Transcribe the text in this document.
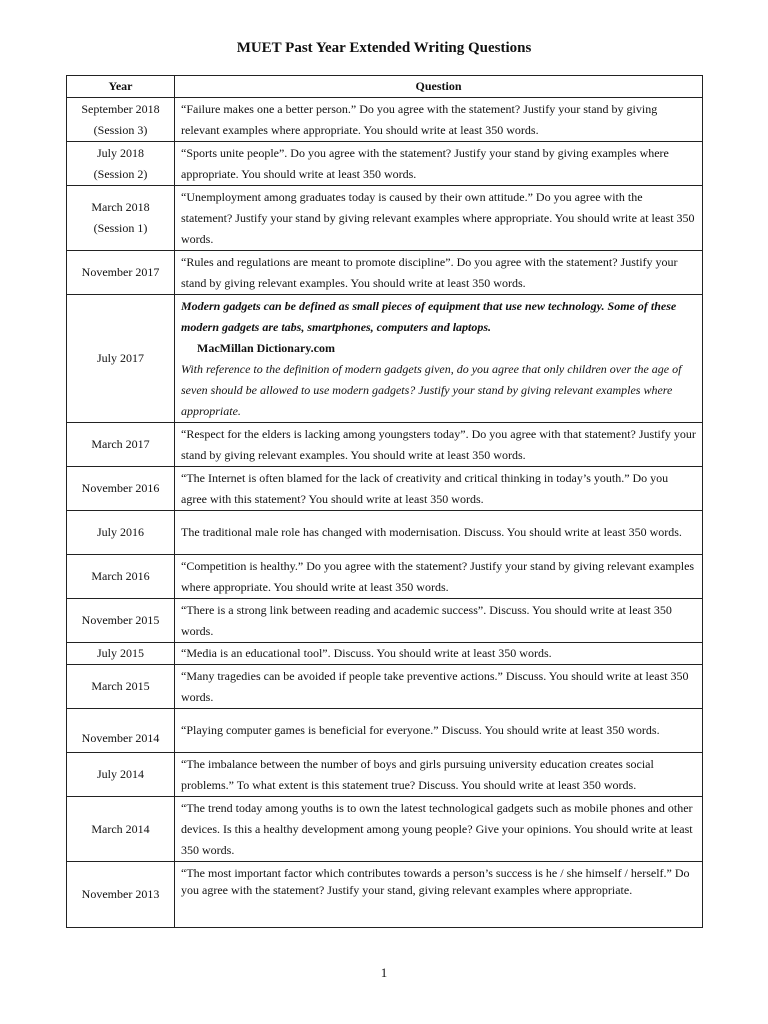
MUET Past Year Extended Writing Questions
Year	Question

September 2018
(Session 3)	“Failure makes one a better person.” Do you agree with the statement? Justify your stand by giving relevant examples where appropriate. You should write at least 350 words.

July 2018
(Session 2)	“Sports unite people”. Do you agree with the statement? Justify your stand by giving examples where appropriate. You should write at least 350 words.

March 2018
(Session 1)	“Unemployment among graduates today is caused by their own attitude.” Do you agree with the statement? Justify your stand by giving relevant examples where appropriate. You should write at least 350 words.
November 2017	“Rules and regulations are meant to promote discipline”. Do you agree with the statement? Justify your stand by giving relevant examples. You should write at least 350 words.
July 2017	Modern gadgets can be defined as small pieces of equipment that use new technology. Some of these modern gadgets are tabs, smartphones, computers and laptops.
MacMillan Dictionary.com
With reference to the definition of modern gadgets given, do you agree that only children over the age of seven should be allowed to use modern gadgets? Justify your stand by giving relevant examples where appropriate.

March 2017	“Respect for the elders is lacking among youngsters today”. Do you agree with that statement? Justify your stand by giving relevant examples. You should write at least 350 words.
November 2016	“The Internet is often blamed for the lack of creativity and critical thinking in today’s youth.” Do you agree with this statement? You should write at least 350 words.
July 2016	The traditional male role has changed with modernisation. Discuss. You should write at least 350 words.
March 2016	“Competition is healthy.” Do you agree with the statement? Justify your stand by giving relevant examples where appropriate. You should write at least 350 words.
November 2015	“There is a strong link between reading and academic success”. Discuss. You should write at least 350 words.
July 2015	“Media is an educational tool”. Discuss. You should write at least 350 words.
March 2015	“Many tragedies can be avoided if people take preventive actions.” Discuss. You should write at least 350 words.
November 2014	“Playing computer games is beneficial for everyone.” Discuss. You should write at least 350 words.
July 2014	“The imbalance between the number of boys and girls pursuing university education creates social problems.” To what extent is this statement true? Discuss. You should write at least 350 words.
March 2014	“The trend today among youths is to own the latest technological gadgets such as mobile phones and other devices. Is this a healthy development among young people? Give your opinions. You should write at least 350 words.
November 2013	“The most important factor which contributes towards a person’s success is he / she himself / herself.” Do you agree with the statement? Justify your stand, giving relevant examples where appropriate.
1
